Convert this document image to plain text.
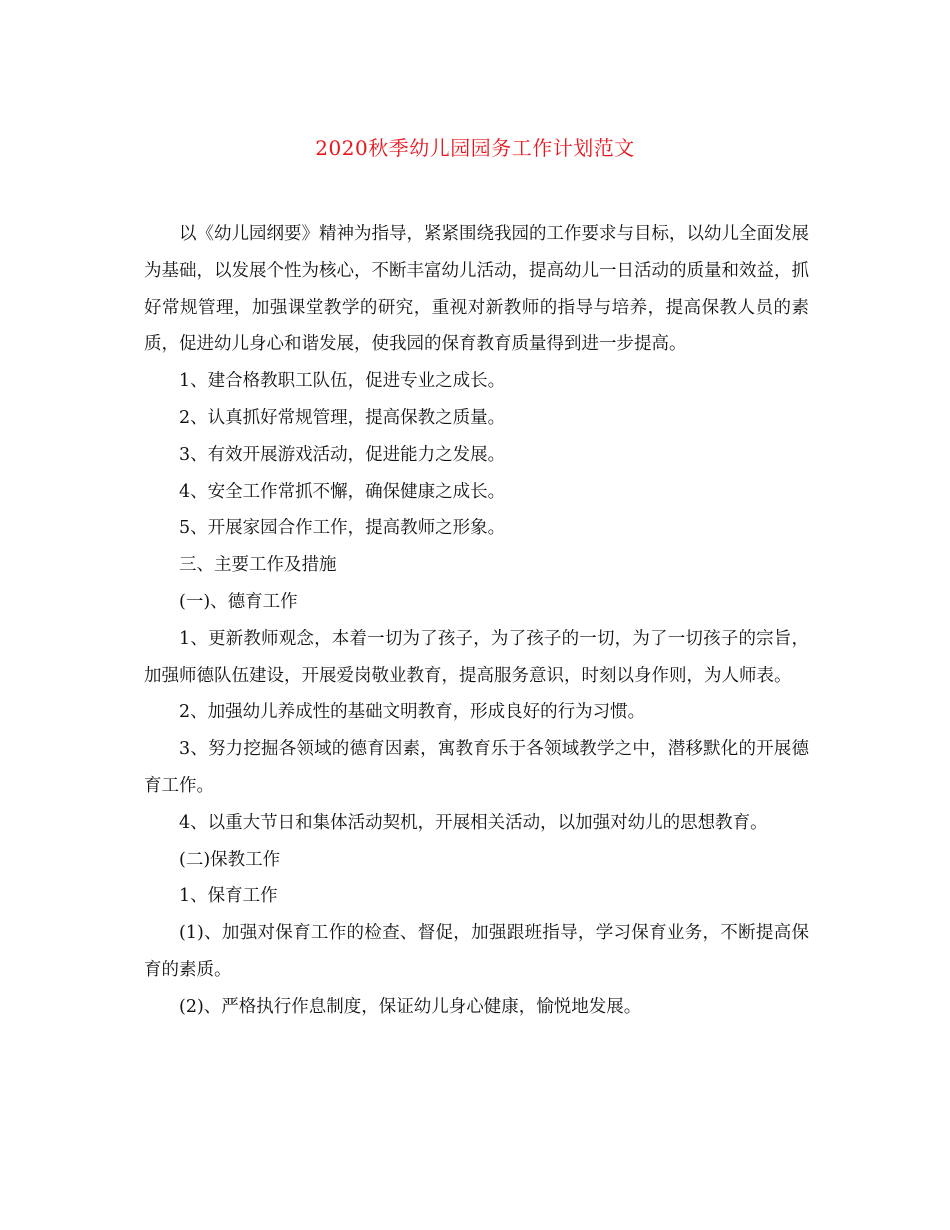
2020秋季幼儿园园务工作计划范文

以《幼儿园纲要》精神为指导，紧紧围绕我园的工作要求与目标，以幼儿全面发展为基础，以发展个性为核心，不断丰富幼儿活动，提高幼儿一日活动的质量和效益，抓好常规管理，加强课堂教学的研究，重视对新教师的指导与培养，提高保教人员的素质，促进幼儿身心和谐发展，使我园的保育教育质量得到进一步提高。

1、建合格教职工队伍，促进专业之成长。

2、认真抓好常规管理，提高保教之质量。

3、有效开展游戏活动，促进能力之发展。

4、安全工作常抓不懈，确保健康之成长。

5、开展家园合作工作，提高教师之形象。

三、主要工作及措施

(一)、德育工作

1、更新教师观念，本着一切为了孩子，为了孩子的一切，为了一切孩子的宗旨，加强师德队伍建设，开展爱岗敬业教育，提高服务意识，时刻以身作则，为人师表。

2、加强幼儿养成性的基础文明教育，形成良好的行为习惯。

3、努力挖掘各领域的德育因素，寓教育乐于各领域教学之中，潜移默化的开展德育工作。

4、以重大节日和集体活动契机，开展相关活动，以加强对幼儿的思想教育。

(二)保教工作

1、保育工作

(1)、加强对保育工作的检查、督促，加强跟班指导，学习保育业务，不断提高保育的素质。

(2)、严格执行作息制度，保证幼儿身心健康，愉悦地发展。
